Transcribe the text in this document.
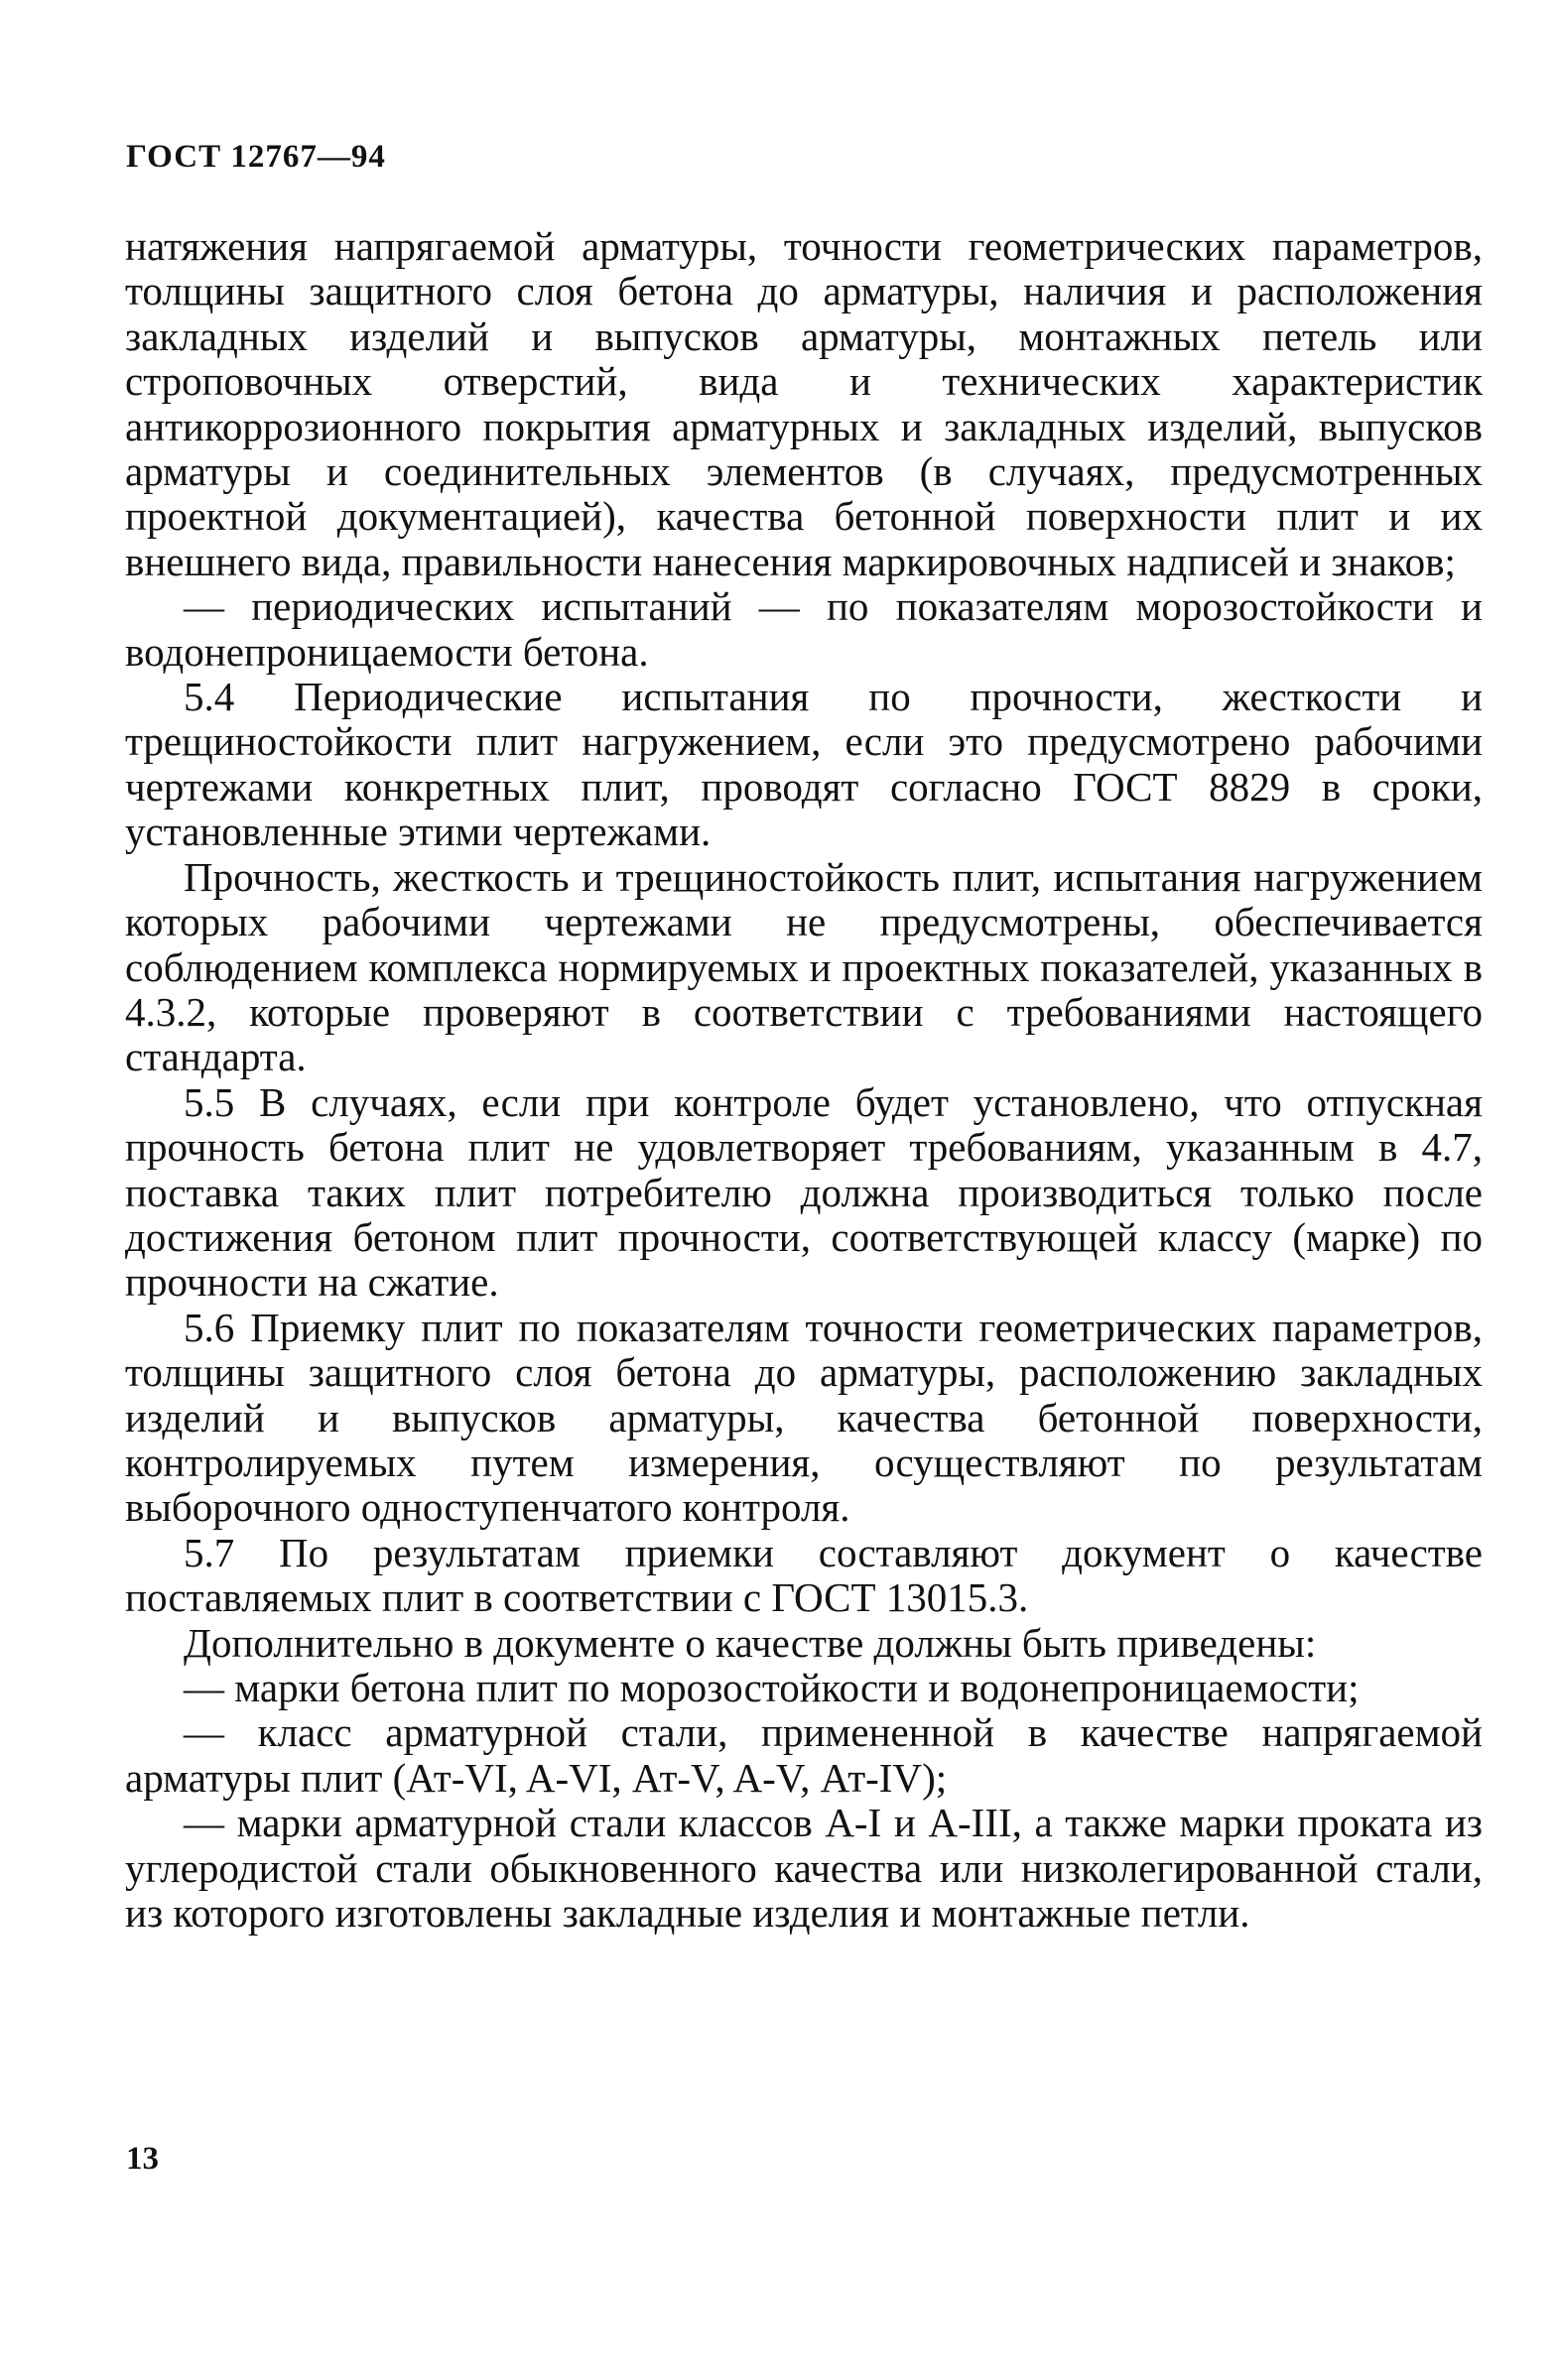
ГОСТ 12767—94

натяжения напрягаемой арматуры, точности геометрических параметров, толщины защитного слоя бетона до арматуры, наличия и расположения закладных изделий и выпусков арматуры, монтажных петель или строповочных отверстий, вида и технических характеристик антикоррозионного покрытия арматурных и закладных изделий, выпусков арматуры и соединительных элементов (в случаях, предусмотренных проектной документацией), качества бетонной поверхности плит и их внешнего вида, правильности нанесения маркировочных надписей и знаков;

— периодических испытаний — по показателям морозостойкости и водонепроницаемости бетона.

5.4 Периодические испытания по прочности, жесткости и трещиностойкости плит нагружением, если это предусмотрено рабочими чертежами конкретных плит, проводят согласно ГОСТ 8829 в сроки, установленные этими чертежами.

Прочность, жесткость и трещиностойкость плит, испытания нагружением которых рабочими чертежами не предусмотрены, обеспечивается соблюдением комплекса нормируемых и проектных показателей, указанных в 4.3.2, которые проверяют в соответствии с требованиями настоящего стандарта.

5.5 В случаях, если при контроле будет установлено, что отпускная прочность бетона плит не удовлетворяет требованиям, указанным в 4.7, поставка таких плит потребителю должна производиться только после достижения бетоном плит прочности, соответствующей классу (марке) по прочности на сжатие.

5.6 Приемку плит по показателям точности геометрических параметров, толщины защитного слоя бетона до арматуры, расположению закладных изделий и выпусков арматуры, качества бетонной поверхности, контролируемых путем измерения, осуществляют по результатам выборочного одноступенчатого контроля.

5.7 По результатам приемки составляют документ о качестве поставляемых плит в соответствии с ГОСТ 13015.3.

Дополнительно в документе о качестве должны быть приведены:

— марки бетона плит по морозостойкости и водонепроницаемости;

— класс арматурной стали, примененной в качестве напрягаемой арматуры плит (Ат-VI, A-VI, Ат-V, A-V, Ат-IV);

— марки арматурной стали классов A-I и A-III, а также марки проката из углеродистой стали обыкновенного качества или низколегированной стали, из которого изготовлены закладные изделия и монтажные петли.

13
